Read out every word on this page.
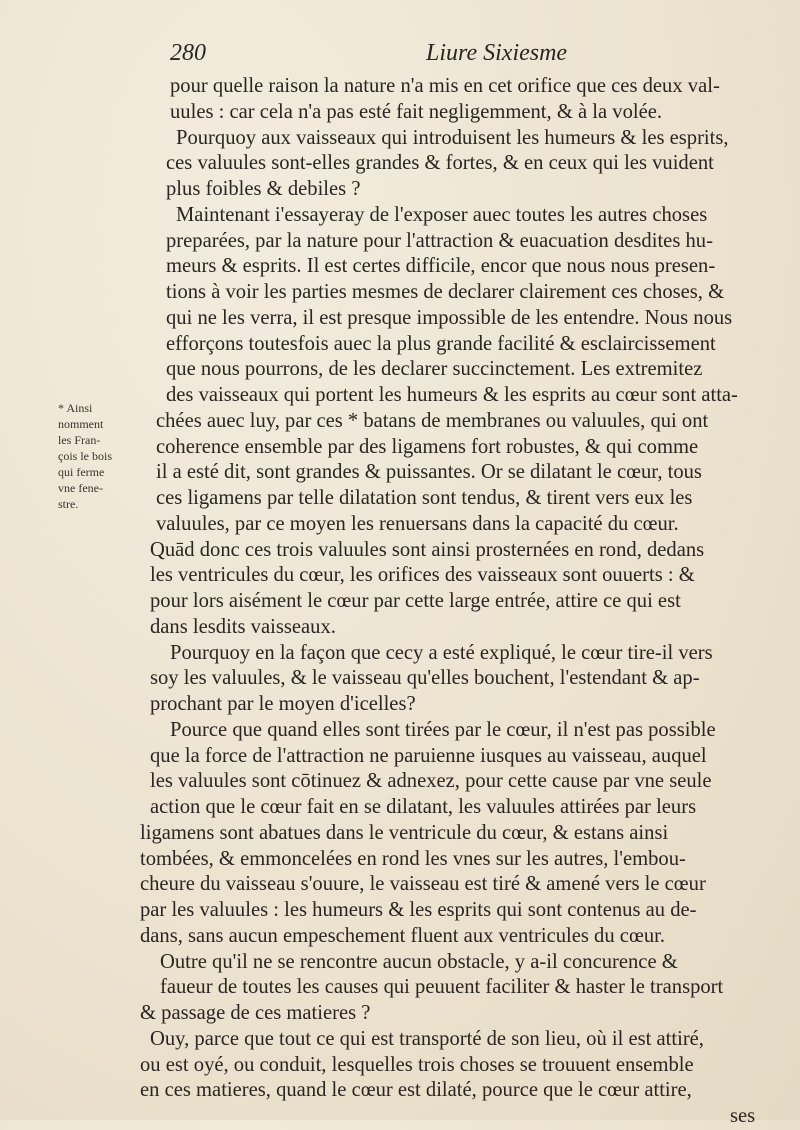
280	Liure Sixiesme
* Ainsi
nomment
les Fran-
çois le bois
qui ferme
vne fene-
stre.
pour quelle raison la nature n'a mis en cet orifice que ces deux val-
uules : car cela n'a pas esté fait negligemment, & à la volée.
Pourquoy aux vaisseaux qui introduisent les humeurs & les esprits,
ces valuules sont-elles grandes & fortes, & en ceux qui les vuident
plus foibles & debiles ?
Maintenant i'essayeray de l'exposer auec toutes les autres choses
preparées, par la nature pour l'attraction & euacuation desdites hu-
meurs & esprits. Il est certes difficile, encor que nous nous presen-
tions à voir les parties mesmes de declarer clairement ces choses, &
qui ne les verra, il est presque impossible de les entendre. Nous nous
efforçons toutesfois auec la plus grande facilité & esclaircissement
que nous pourrons, de les declarer succinctement. Les extremitez
des vaisseaux qui portent les humeurs & les esprits au cœur sont atta-
chées auec luy, par ces * batans de membranes ou valuules, qui ont
coherence ensemble par des ligamens fort robustes, & qui comme
il a esté dit, sont grandes & puissantes. Or se dilatant le cœur, tous
ces ligamens par telle dilatation sont tendus, & tirent vers eux les
valuules, par ce moyen les renuersans dans la capacité du cœur.
Quād donc ces trois valuules sont ainsi prosternées en rond, dedans
les ventricules du cœur, les orifices des vaisseaux sont ouuerts : &
pour lors aisément le cœur par cette large entrée, attire ce qui est
dans lesdits vaisseaux.
Pourquoy en la façon que cecy a esté expliqué, le cœur tire-il vers
soy les valuules, & le vaisseau qu'elles bouchent, l'estendant & ap-
prochant par le moyen d'icelles?
Pource que quand elles sont tirées par le cœur, il n'est pas possible
que la force de l'attraction ne paruienne iusques au vaisseau, auquel
les valuules sont cōtinuez & adnexez, pour cette cause par vne seule
action que le cœur fait en se dilatant, les valuules attirées par leurs
ligamens sont abatues dans le ventricule du cœur, & estans ainsi
tombées, & emmoncelées en rond les vnes sur les autres, l'embou-
cheure du vaisseau s'ouure, le vaisseau est tiré & amené vers le cœur
par les valuules : les humeurs & les esprits qui sont contenus au de-
dans, sans aucun empeschement fluent aux ventricules du cœur.
Outre qu'il ne se rencontre aucun obstacle, y a-il concurence &
faueur de toutes les causes qui peuuent faciliter & haster le transport
& passage de ces matieres ?
Ouy, parce que tout ce qui est transporté de son lieu, où il est attiré,
ou est oyé, ou conduit, lesquelles trois choses se trouuent ensemble
en ces matieres, quand le cœur est dilaté, pource que le cœur attire,
ses
